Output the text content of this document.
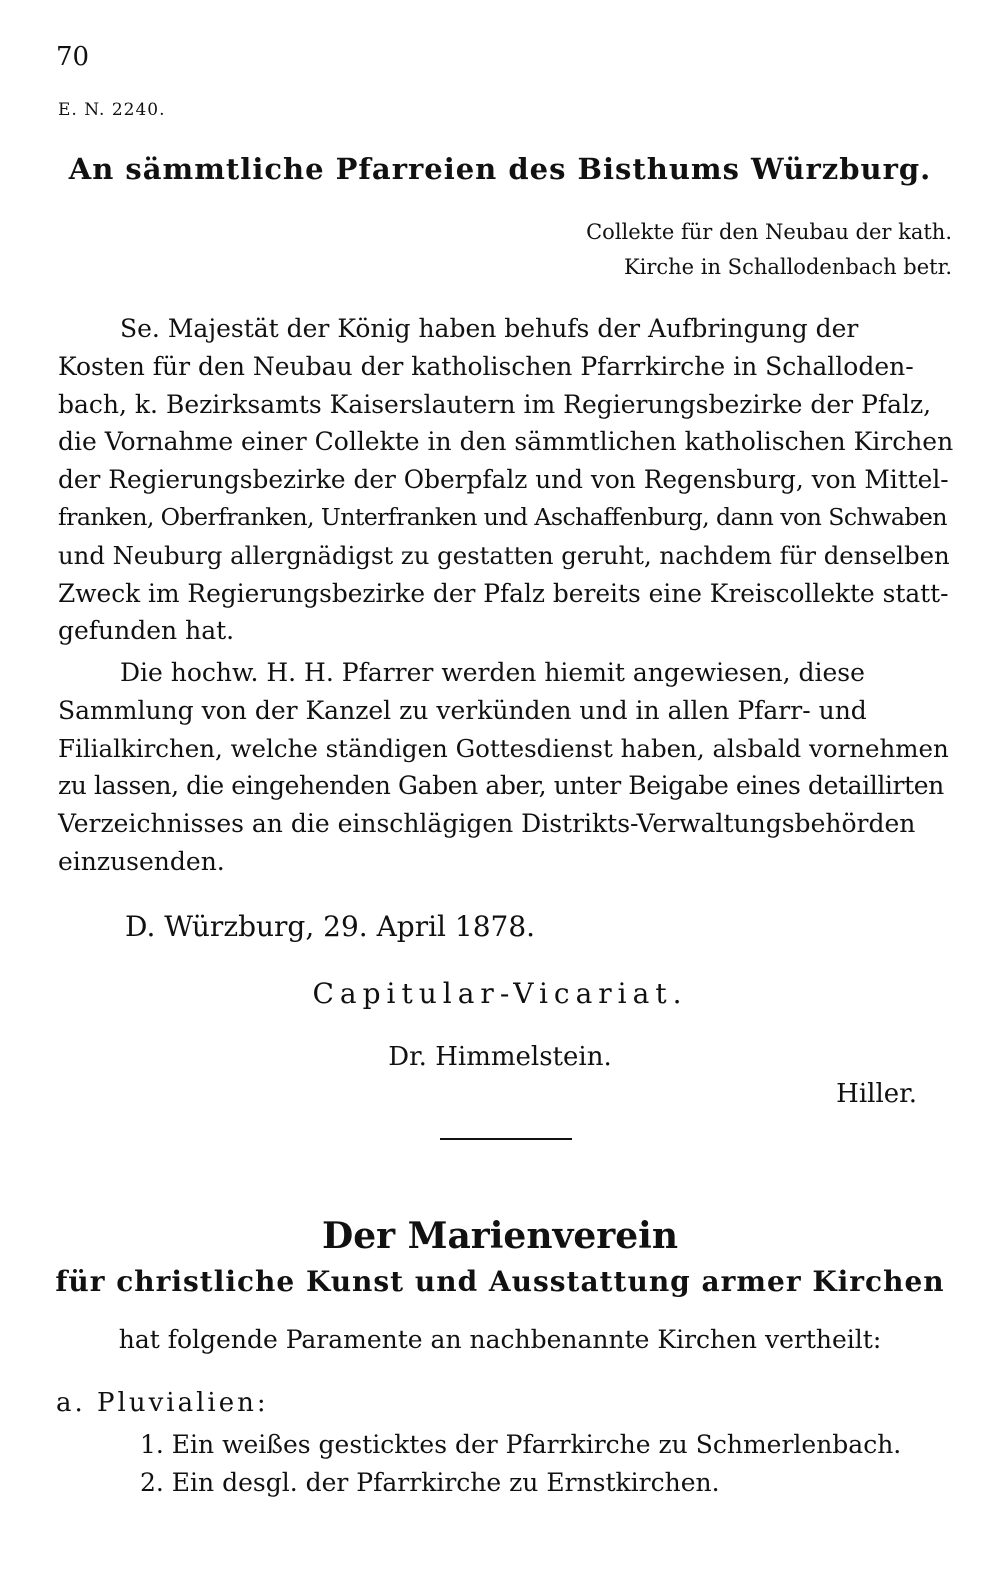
70
E. N. 2240.
An sämmtliche Pfarreien des Bisthums Würzburg.
Collekte für den Neubau der kath.
Kirche in Schallodenbach betr.
Se. Majestät der König haben behufs der Aufbringung der
Kosten für den Neubau der katholischen Pfarrkirche in Schalloden-
bach, k. Bezirksamts Kaiserslautern im Regierungsbezirke der Pfalz,
die Vornahme einer Collekte in den sämmtlichen katholischen Kirchen
der Regierungsbezirke der Oberpfalz und von Regensburg, von Mittel-
franken, Oberfranken, Unterfranken und Aschaffenburg, dann von Schwaben
und Neuburg allergnädigst zu gestatten geruht, nachdem für denselben
Zweck im Regierungsbezirke der Pfalz bereits eine Kreiscollekte statt-
gefunden hat.
Die hochw. H. H. Pfarrer werden hiemit angewiesen, diese
Sammlung von der Kanzel zu verkünden und in allen Pfarr- und
Filialkirchen, welche ständigen Gottesdienst haben, alsbald vornehmen
zu lassen, die eingehenden Gaben aber, unter Beigabe eines detaillirten
Verzeichnisses an die einschlägigen Distrikts-Verwaltungsbehörden
einzusenden.
D. Würzburg, 29. April 1878.
Capitular-Vicariat.
Dr. Himmelstein.
Hiller.
Der Marienverein
für christliche Kunst und Ausstattung armer Kirchen
hat folgende Paramente an nachbenannte Kirchen vertheilt:
a. Pluvialien:
1. Ein weißes gesticktes der Pfarrkirche zu Schmerlenbach.
2. Ein desgl. der Pfarrkirche zu Ernstkirchen.
